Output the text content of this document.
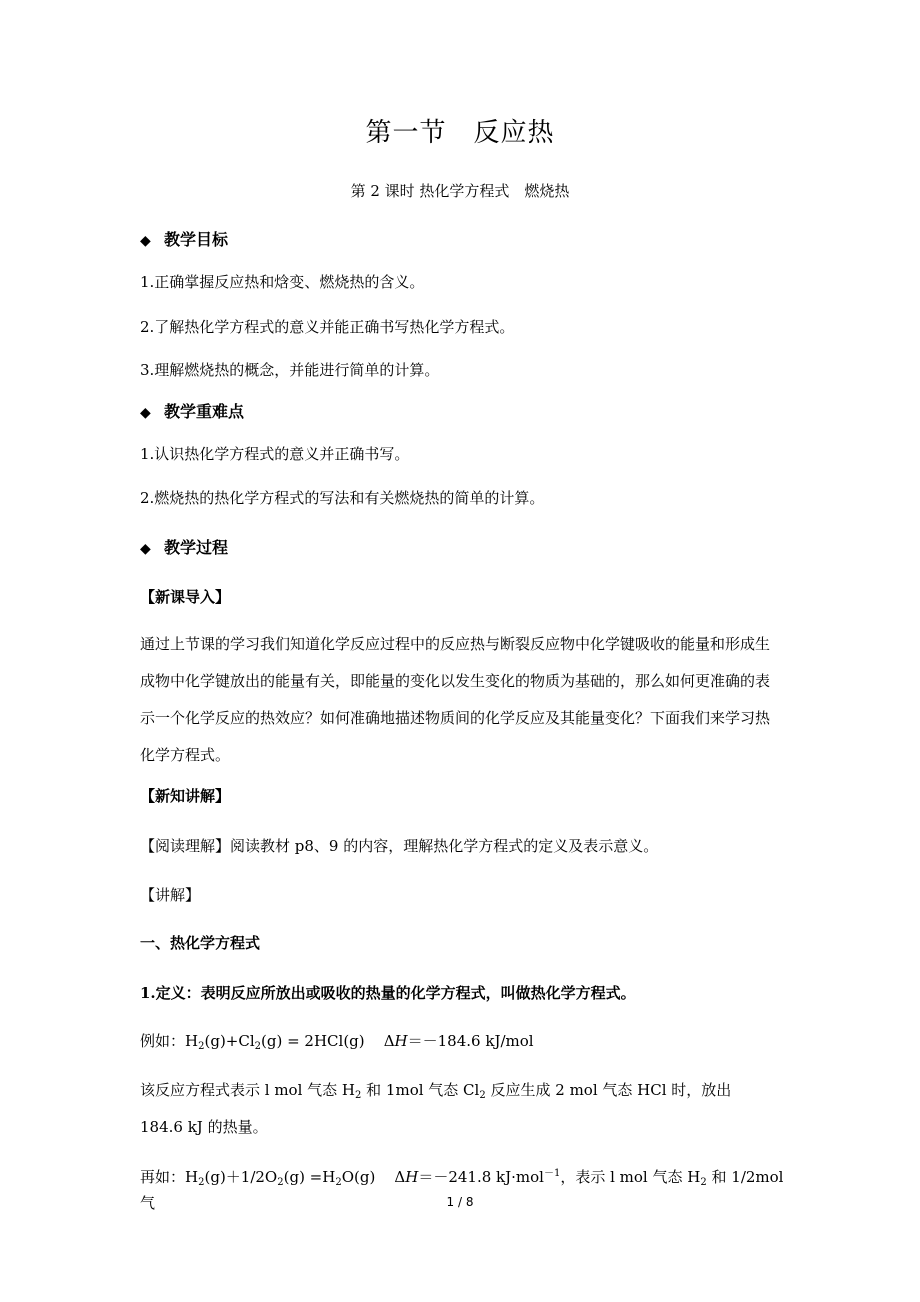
第一节　反应热
第 2 课时 热化学方程式　燃烧热
◆ 教学目标
1.正确掌握反应热和焓变、燃烧热的含义。
2.了解热化学方程式的意义并能正确书写热化学方程式。
3.理解燃烧热的概念，并能进行简单的计算。
◆ 教学重难点
1.认识热化学方程式的意义并正确书写。
2.燃烧热的热化学方程式的写法和有关燃烧热的简单的计算。
◆ 教学过程
【新课导入】
通过上节课的学习我们知道化学反应过程中的反应热与断裂反应物中化学键吸收的能量和形成生成物中化学键放出的能量有关，即能量的变化以发生变化的物质为基础的，那么如何更准确的表示一个化学反应的热效应？如何准确地描述物质间的化学反应及其能量变化？下面我们来学习热化学方程式。
【新知讲解】
【阅读理解】阅读教材 p8、9 的内容，理解热化学方程式的定义及表示意义。
【讲解】
一、热化学方程式
1.定义：表明反应所放出或吸收的热量的化学方程式，叫做热化学方程式。
例如：$H_2(g)+Cl_2(g) = 2HCl(g)$    ΔH＝－184.6 kJ/mol
该反应方程式表示 l mol 气态 $H_2$ 和 1mol 气态 $Cl_2$ 反应生成 2 mol 气态 HCl 时，放出
184.6 kJ 的热量。
再如：$H_2(g)+1/2O_2(g) =H_2O(g)$    ΔH＝－241.8 kJ·mol$^{-1}$，表示 l mol 气态 $H_2$ 和 1/2mol 气	1 / 8
